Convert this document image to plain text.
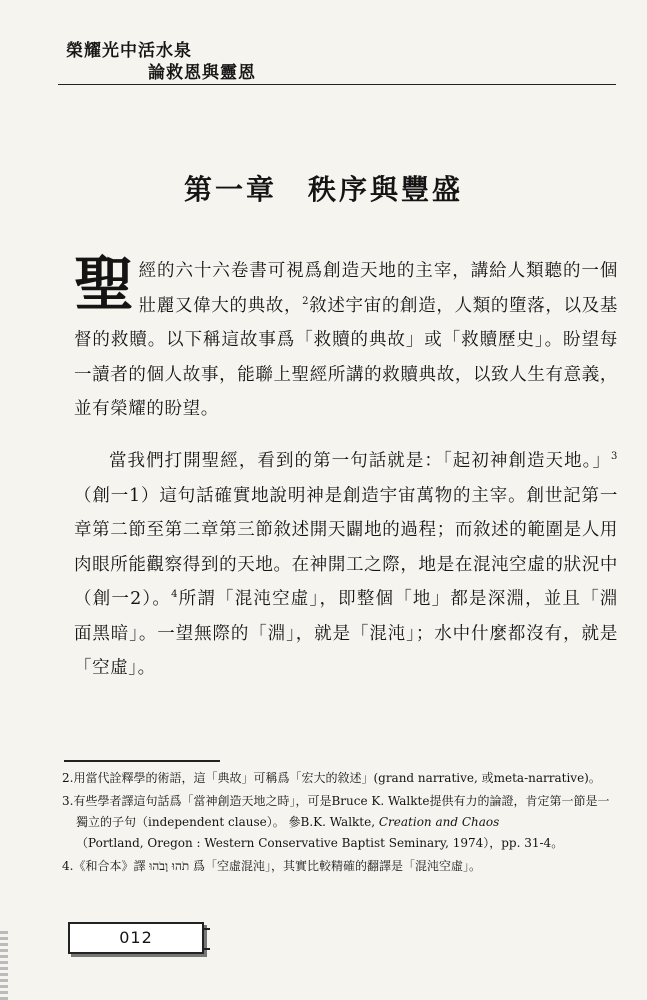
榮耀光中活水泉
論救恩與靈恩
第一章　秩序與豐盛
聖經的六十六卷書可視爲創造天地的主宰，講給人類聽的一個壯麗又偉大的典故，$^2$敘述宇宙的創造，人類的墮落，以及基督的救贖。以下稱這故事爲「救贖的典故」或「救贖歷史」。盼望每一讀者的個人故事，能聯上聖經所講的救贖典故，以致人生有意義，並有榮耀的盼望。
當我們打開聖經，看到的第一句話就是：「起初神創造天地。」$^3$（創一1）這句話確實地說明神是創造宇宙萬物的主宰。創世記第一章第二節至第二章第三節敘述開天闢地的過程；而敘述的範圍是人用肉眼所能觀察得到的天地。在神開工之際，地是在混沌空虛的狀況中（創一2）。$^4$所謂「混沌空虛」，即整個「地」都是深淵，並且「淵面黑暗」。一望無際的「淵」，就是「混沌」；水中什麼都沒有，就是「空虛」。

2.用當代詮釋學的術語，這「典故」可稱爲「宏大的敘述」(grand narrative, 或meta-narrative)。

3.有些學者譯這句話爲「當神創造天地之時」，可是Bruce K. Walkte提供有力的論證，肯定第一節是一獨立的子句（independent clause）。 參B.K. Walkte, Creation and Chaos
（Portland, Oregon : Western Conservative Baptist Seminary, 1974），pp. 31-4。

4.《和合本》譯 תֹהוּ וָבֹהוּ 爲「空虛混沌」，其實比較精確的翻譯是「混沌空虛」。

012
